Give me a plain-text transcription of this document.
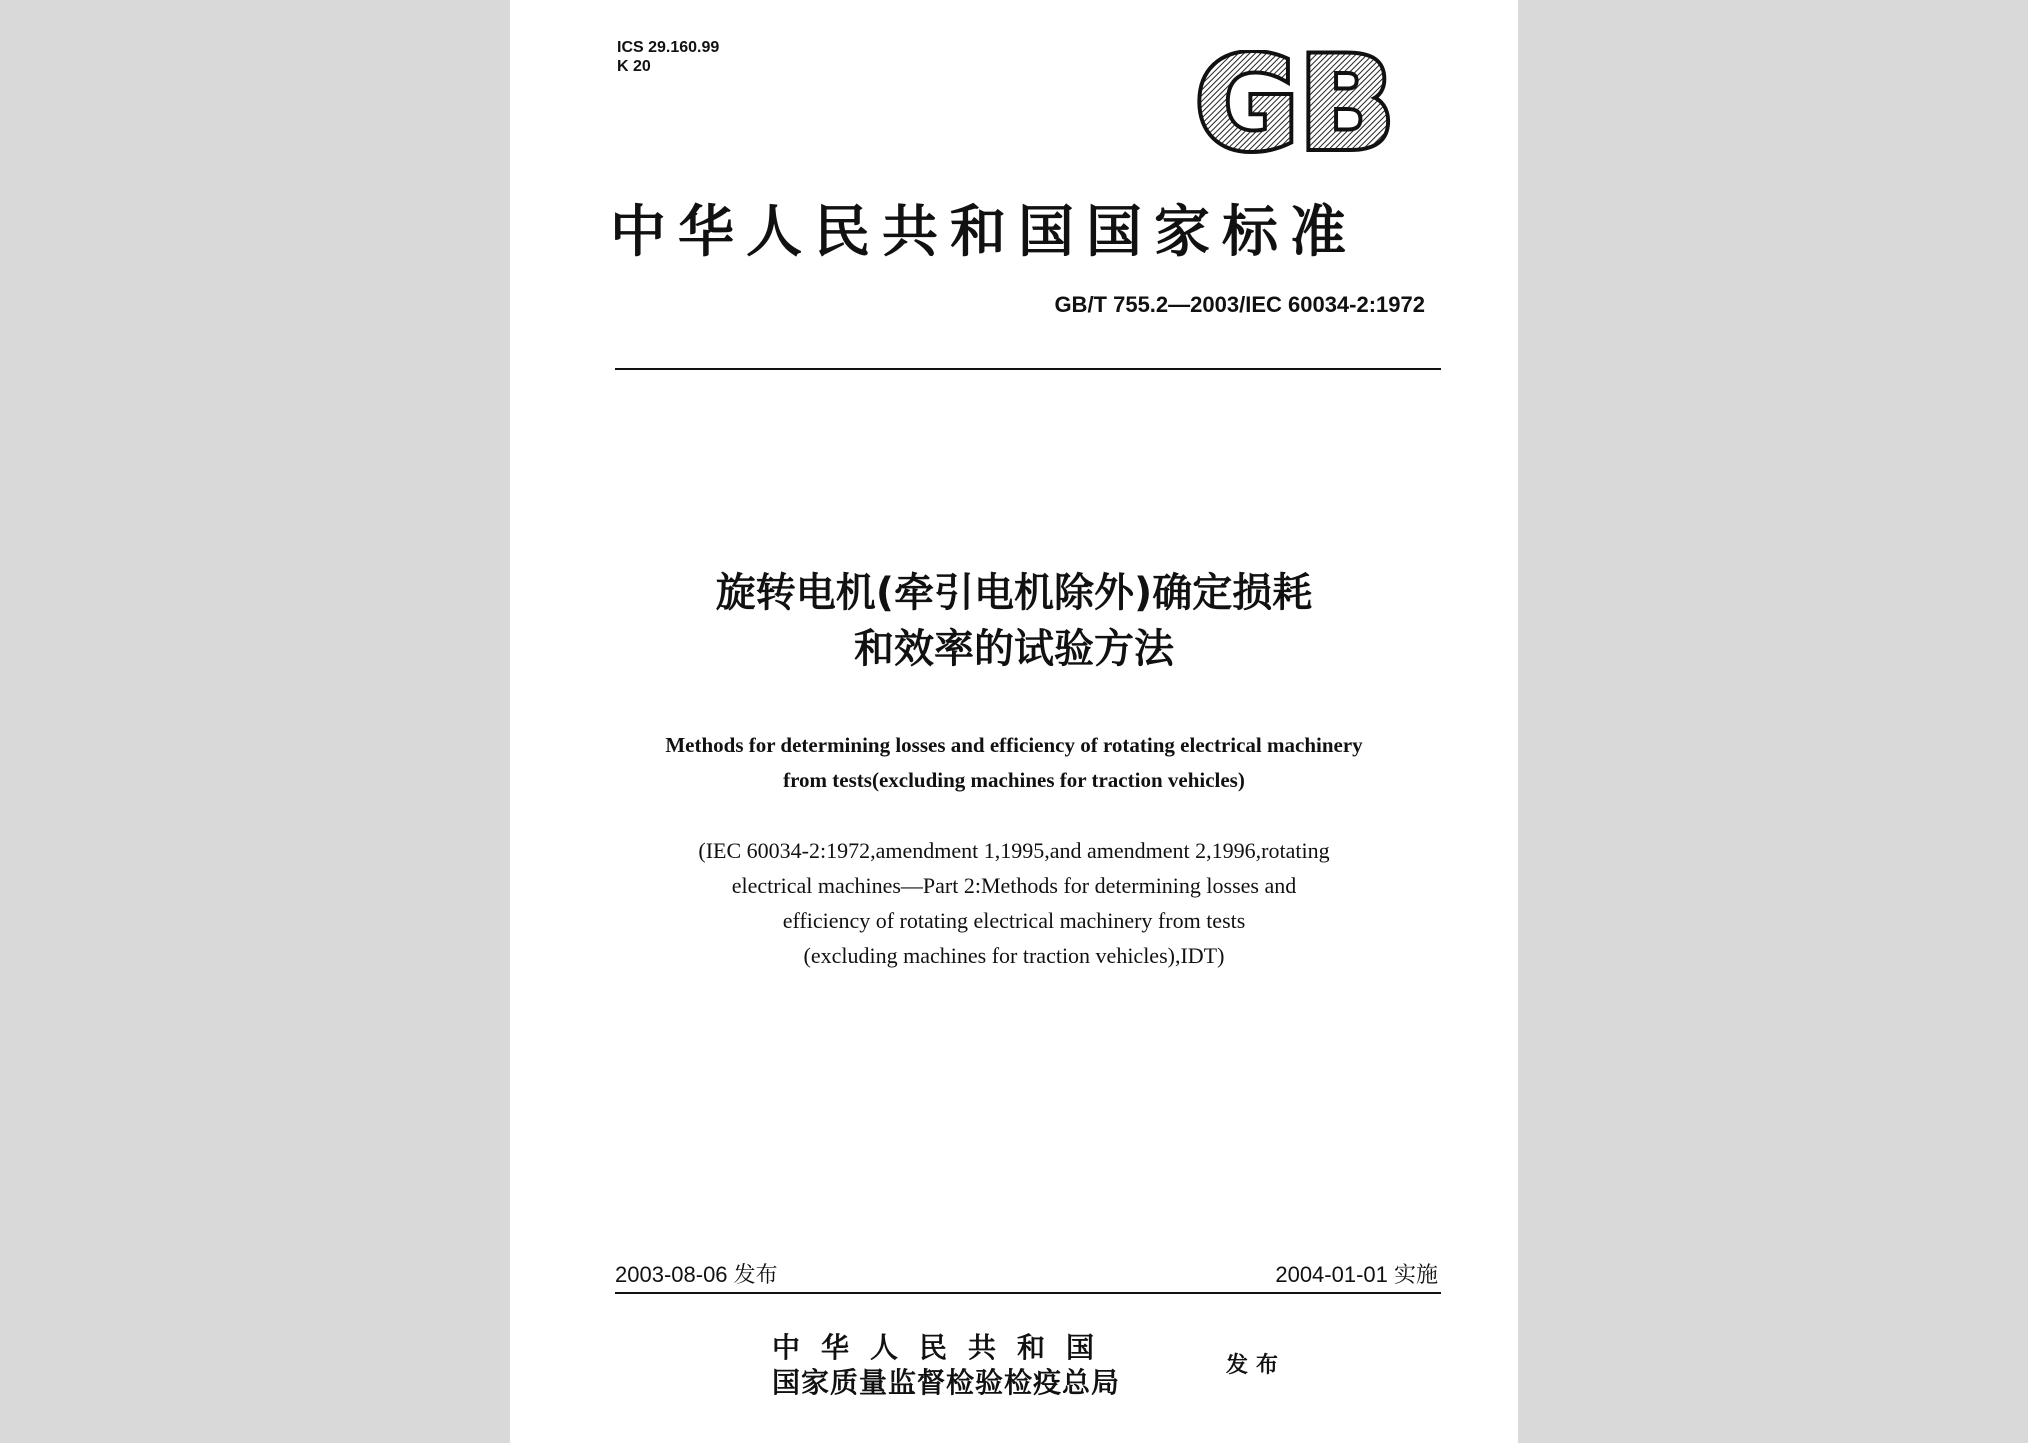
ICS 29.160.99
K 20	GB
中华人民共和国国家标准
GB/T 755.2—2003/IEC 60034-2:1972
旋转电机(牵引电机除外)确定损耗
和效率的试验方法
Methods for determining losses and efficiency of rotating electrical machinery
from tests(excluding machines for traction vehicles)
(IEC 60034-2:1972,amendment 1,1995,and amendment 2,1996,rotating
electrical machines—Part 2:Methods for determining losses and
efficiency of rotating electrical machinery from tests
(excluding machines for traction vehicles),IDT)
2003-08-06 发布	2004-01-01 实施
中华人民共和国
国家质量监督检验检疫总局
发布
